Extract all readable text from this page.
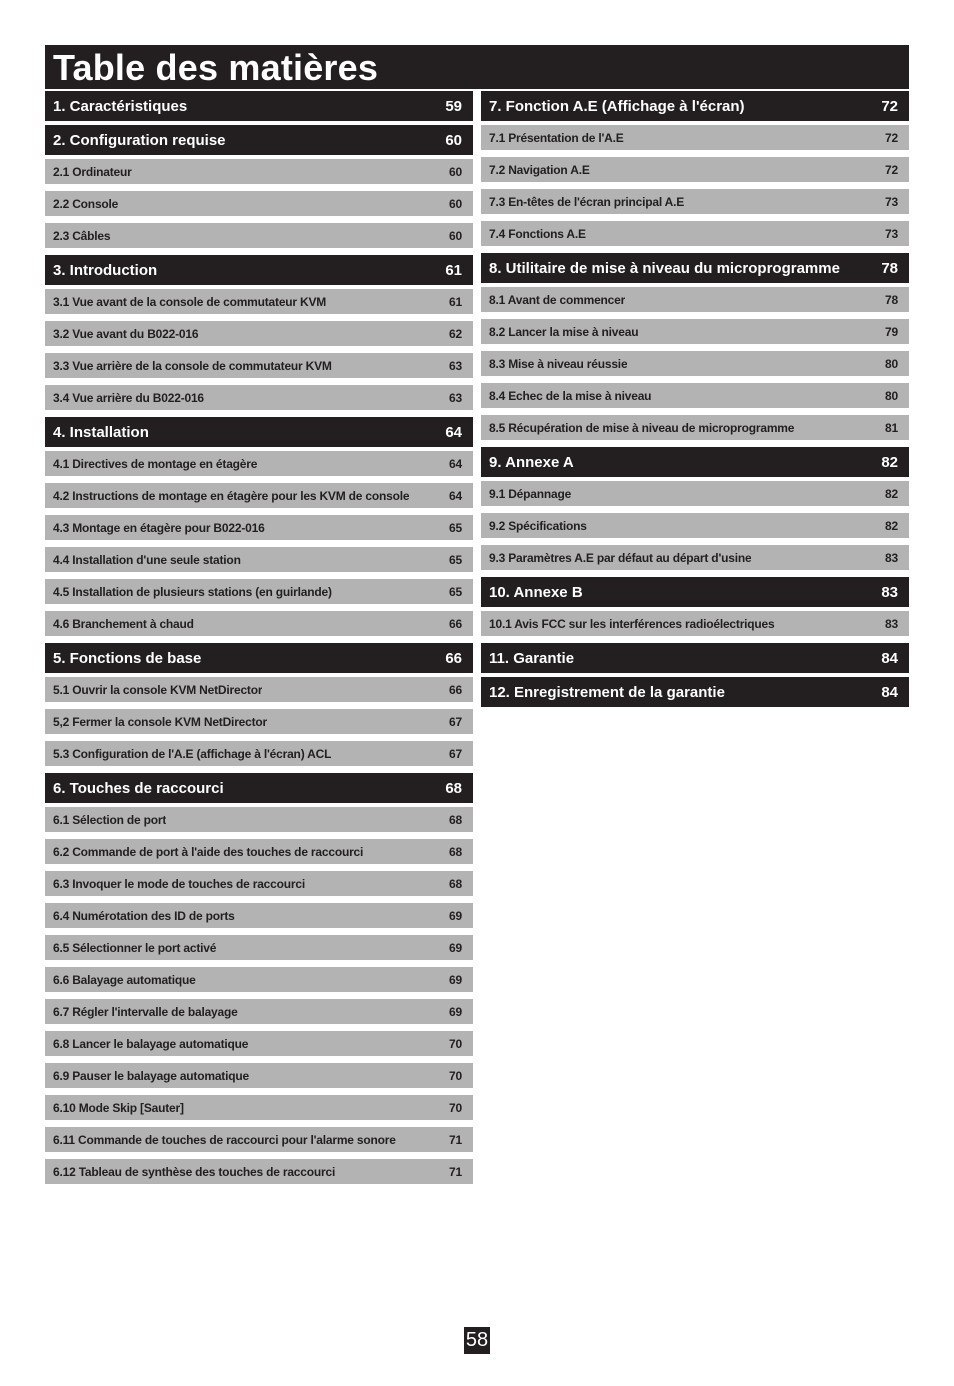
Table des matières
1. Caractéristiques	59
2. Configuration requise	60
2.1 Ordinateur	60
2.2 Console	60
2.3 Câbles	60
3. Introduction	61
3.1 Vue avant de la console de commutateur KVM	61
3.2 Vue avant du B022-016	62
3.3 Vue arrière de la console de commutateur KVM	63
3.4 Vue arrière du B022-016	63
4. Installation	64
4.1 Directives de montage en étagère	64
4.2 Instructions de montage en étagère pour les KVM de console	64
4.3 Montage en étagère pour B022-016	65
4.4 Installation d'une seule station	65
4.5 Installation de plusieurs stations (en guirlande)	65
4.6 Branchement à chaud	66
5. Fonctions de base	66
5.1 Ouvrir la console KVM NetDirector	66
5,2 Fermer la console KVM NetDirector	67
5.3 Configuration de l'A.E (affichage à l'écran) ACL	67
6. Touches de raccourci	68
6.1 Sélection de port	68
6.2 Commande de port à l'aide des touches de raccourci	68
6.3 Invoquer le mode de touches de raccourci	68
6.4 Numérotation des ID de ports	69
6.5 Sélectionner le port activé	69
6.6 Balayage automatique	69
6.7 Régler l'intervalle de balayage	69
6.8 Lancer le balayage automatique	70
6.9 Pauser le balayage automatique	70
6.10 Mode Skip [Sauter]	70
6.11 Commande de touches de raccourci pour l'alarme sonore	71
6.12 Tableau de synthèse des touches de raccourci	71
7. Fonction A.E (Affichage à l'écran)	72
7.1 Présentation de l'A.E	72
7.2 Navigation A.E	72
7.3 En-têtes de l'écran principal A.E	73
7.4 Fonctions A.E	73
8. Utilitaire de mise à niveau du microprogramme	78
8.1 Avant de commencer	78
8.2 Lancer la mise à niveau	79
8.3 Mise à niveau réussie	80
8.4 Echec de la mise à niveau	80
8.5 Récupération de mise à niveau de microprogramme	81
9. Annexe A	82
9.1 Dépannage	82
9.2 Spécifications	82
9.3 Paramètres A.E par défaut au départ d'usine	83
10. Annexe B	83
10.1 Avis FCC sur les interférences radioélectriques	83
11. Garantie	84
12. Enregistrement de la garantie	84
58
